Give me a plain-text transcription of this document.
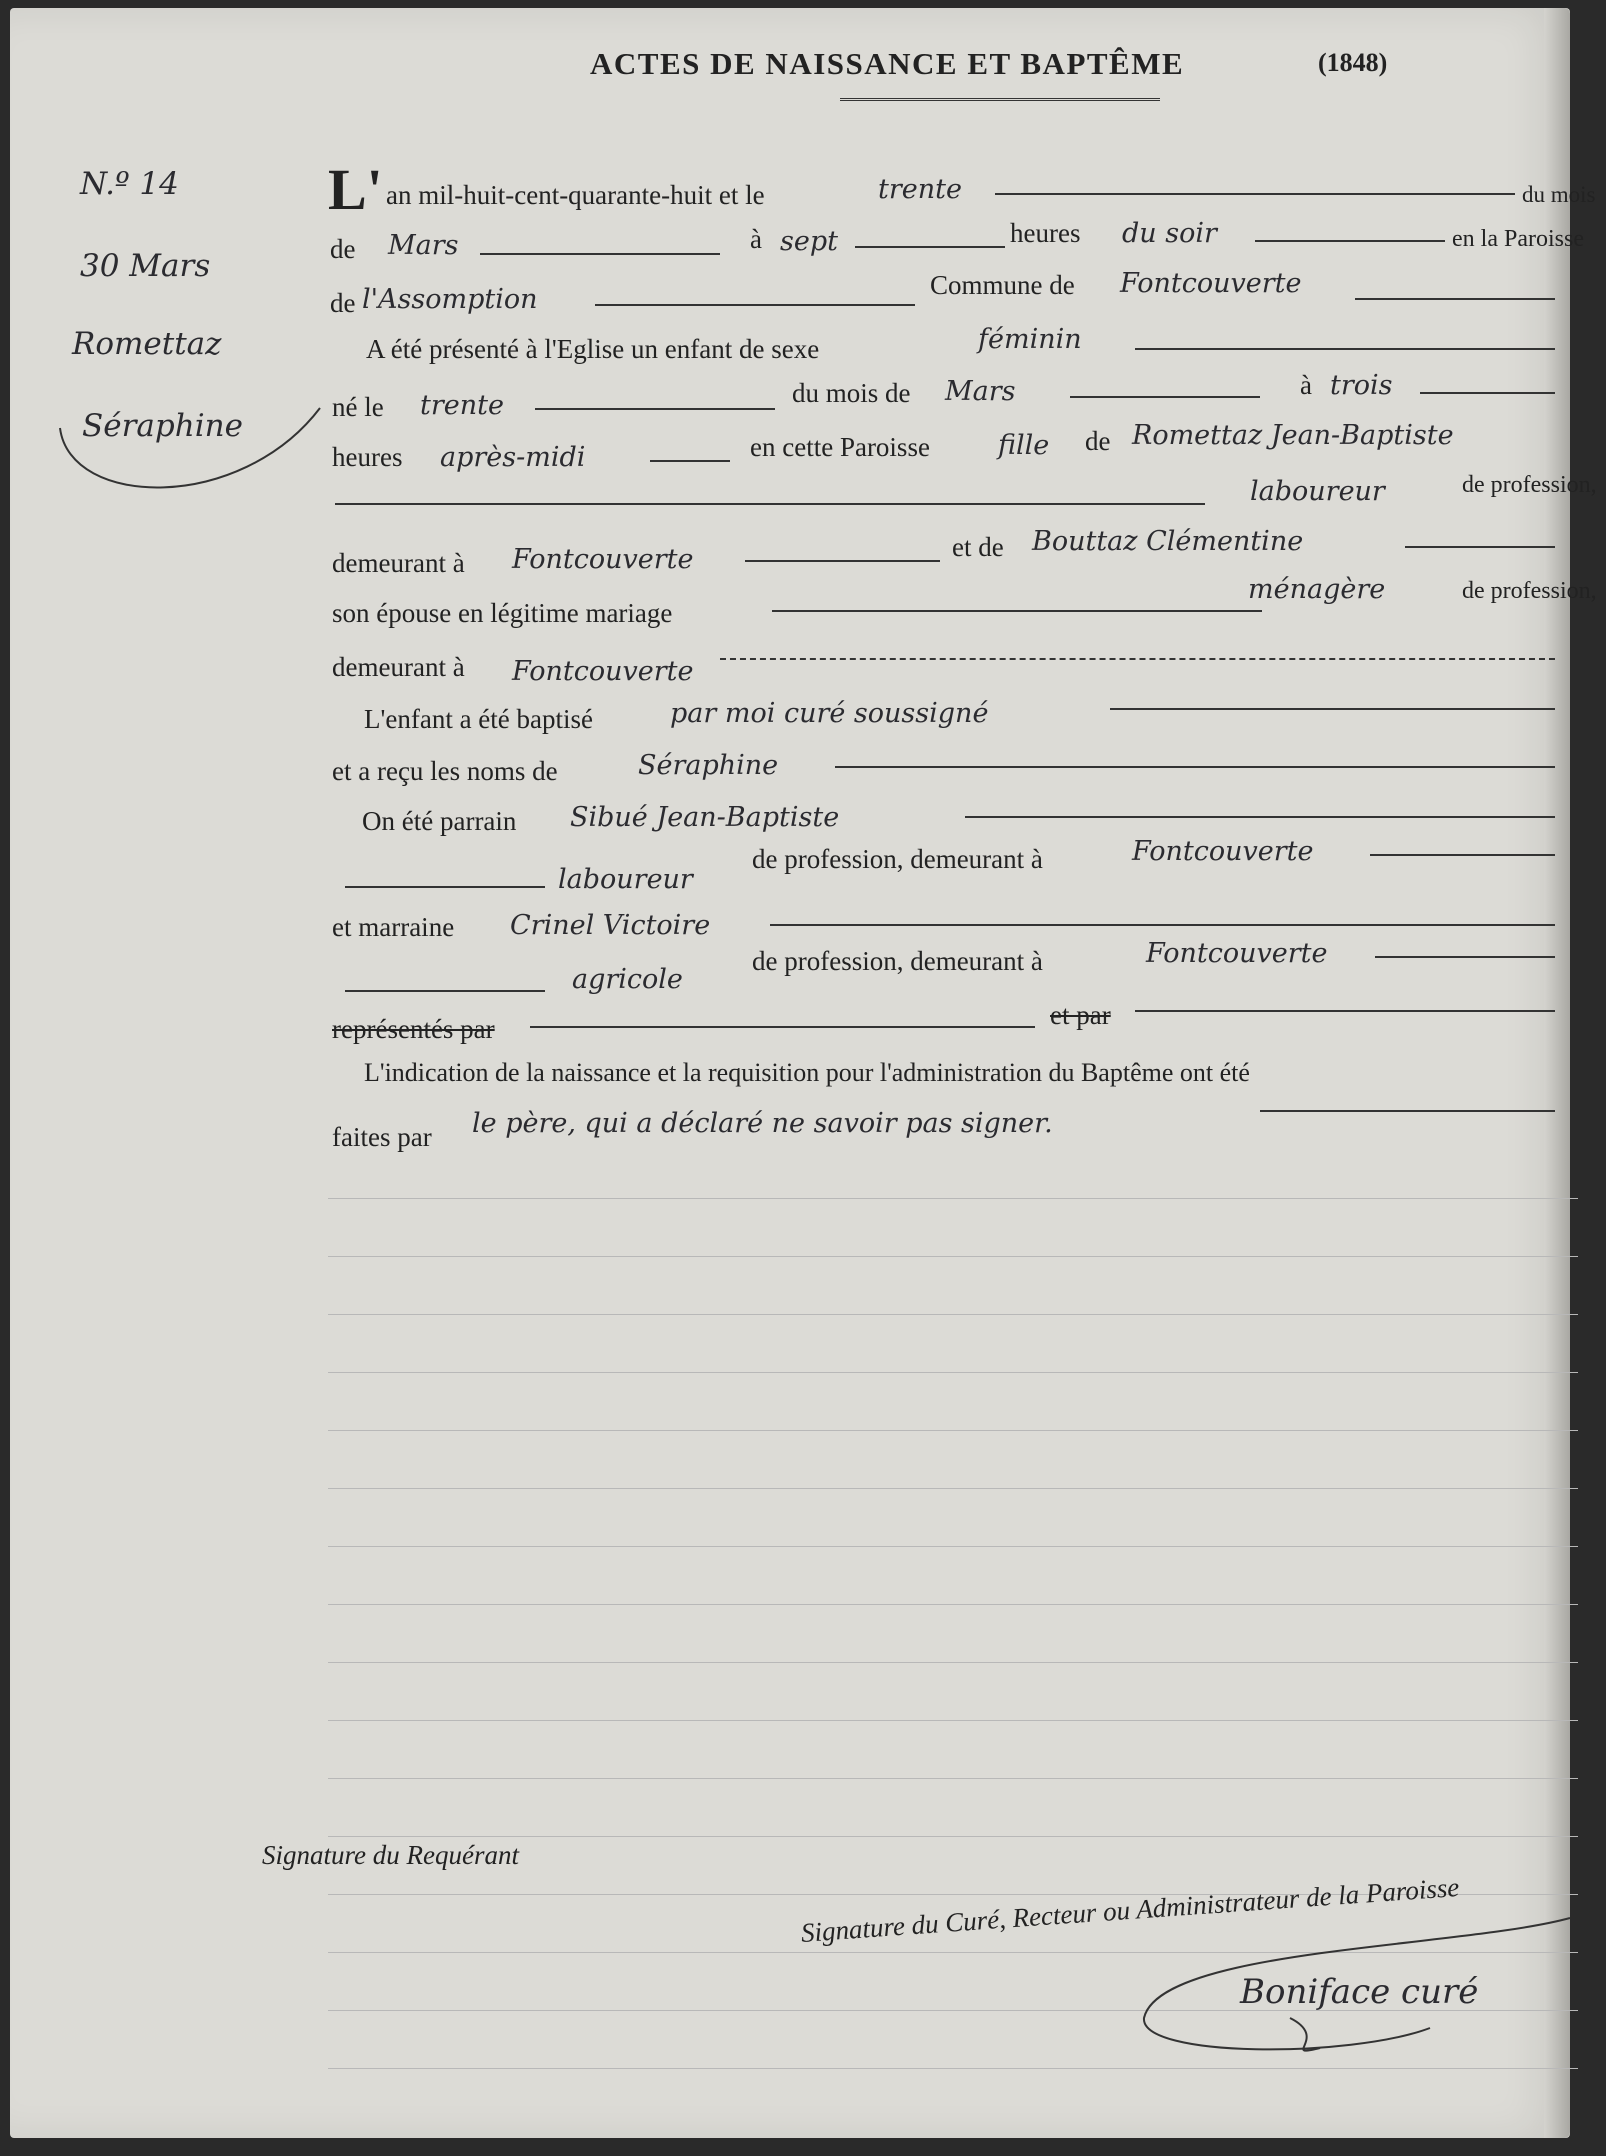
ACTES DE NAISSANCE ET BAPTÊME	(1848)
N.º 14
30 Mars
Romettaz
Séraphine
L' an mil-huit-cent-quarante-huit et le	trente	du mois
de Mars	à sept	heures du soir	en la Paroisse
de l'Assomption	Commune de Fontcouverte
A été présenté à l'Eglise un enfant de sexe	féminin
né le trente	du mois de Mars	à trois
heures après-midi	en cette Paroisse	fille de Romettaz Jean-Baptiste
laboureur	de profession,
demeurant à Fontcouverte	et de Bouttaz Clémentine
son épouse en légitime mariage
ménagère	de profession,
demeurant à Fontcouverte
L'enfant a été baptisé	par moi curé soussigné
et a reçu les noms de	Séraphine
On été parrain Sibué Jean-Baptiste
laboureur
de profession, demeurant à	Fontcouverte
et marraine Crinel Victoire
agricole
de profession, demeurant à	Fontcouverte
représentés par	et par
L'indication de la naissance et la requisition pour l'administration du Baptême ont été
faites par le père, qui a déclaré ne savoir pas signer.
Signature du Requérant
Signature du Curé, Recteur ou Administrateur de la Paroisse
Boniface curé
